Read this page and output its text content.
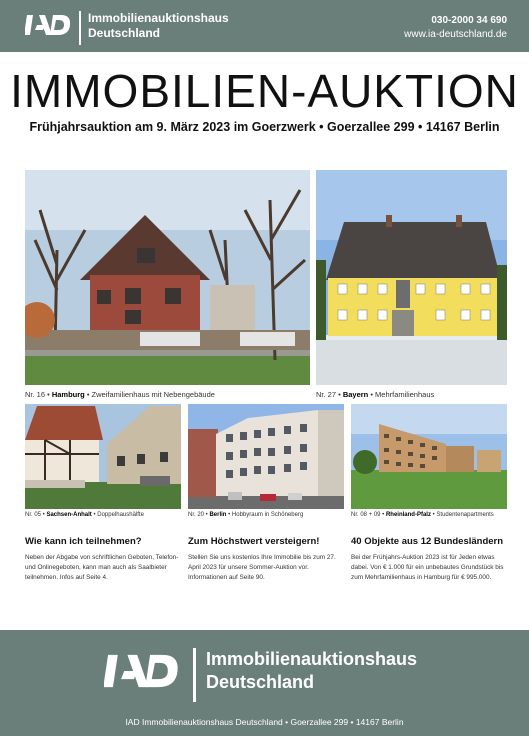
Immobilienauktionshaus
Deutschland
030-2000 34 690
www.ia-deutschland.de
IMMOBILIEN-AUKTION
Frühjahrsauktion am 9. März 2023 im Goerzwerk • Goerzallee 299 • 14167 Berlin
Nr. 16 • Hamburg • Zweifamilienhaus mit Nebengebäude	Nr. 27 • Bayern • Mehrfamilienhaus
Nr. 05 • Sachsen-Anhalt • Doppelhaushälfte	Nr. 20 • Berlin • Hobbyraum in Schöneberg	Nr. 08 + 09 • Rheinland-Pfalz • Studentenapartments
Wie kann ich teilnehmen?

Neben der Abgabe von schriftlichen Geboten, Telefon- und Onlinegeboten, kann man auch als Saalbieter teilnehmen. Infos auf Seite 4.

Zum Höchstwert versteigern!

Stellen Sie uns kostenlos Ihre Immobilie bis zum 27. April 2023 für unsere Sommer-Auktion vor. Informationen auf Seite 90.

40 Objekte aus 12 Bundesländern

Bei der Frühjahrs-Auktion 2023 ist für Jeden etwas dabei. Von € 1.000 für ein unbebautes Grundstück bis zum Mehrfamilienhaus in Hamburg für € 995.000.

Immobilienauktionshaus
Deutschland
IAD Immobilienauktionshaus Deutschland • Goerzallee 299 • 14167 Berlin
